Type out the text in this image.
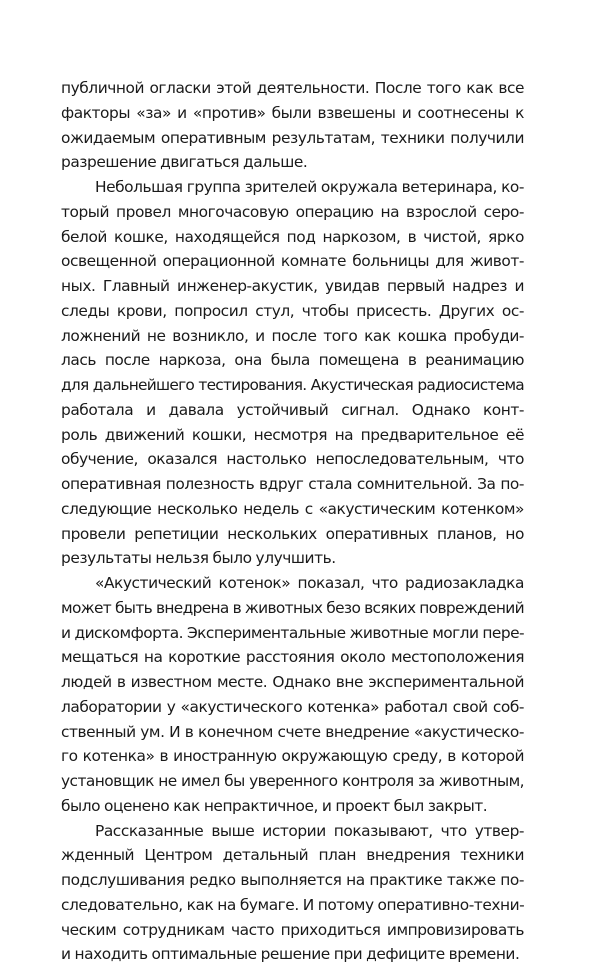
публичной огласки этой деятельности. После того как все
факторы «за» и «против» были взвешены и соотнесены к
ожидаемым оперативным результатам, техники получили
разрешение двигаться дальше.
Небольшая группа зрителей окружала ветеринара, ко-
торый провел многочасовую операцию на взрослой серо-
белой кошке, находящейся под наркозом, в чистой, ярко
освещенной операционной комнате больницы для живот-
ных. Главный инженер-акустик, увидав первый надрез и
следы крови, попросил стул, чтобы присесть. Других ос-
ложнений не возникло, и после того как кошка пробуди-
лась после наркоза, она была помещена в реанимацию
для дальнейшего тестирования. Акустическая радиосистема
работала и давала устойчивый сигнал. Однако конт-
роль движений кошки, несмотря на предварительное её
обучение, оказался настолько непоследовательным, что
оперативная полезность вдруг стала сомнительной. За по-
следующие несколько недель с «акустическим котенком»
провели репетиции нескольких оперативных планов, но
результаты нельзя было улучшить.
«Акустический котенок» показал, что радиозакладка
может быть внедрена в животных безо всяких повреждений
и дискомфорта. Экспериментальные животные могли пере-
мещаться на короткие расстояния около местоположения
людей в известном месте. Однако вне экспериментальной
лаборатории у «акустического котенка» работал свой соб-
ственный ум. И в конечном счете внедрение «акустическо-
го котенка» в иностранную окружающую среду, в которой
установщик не имел бы уверенного контроля за животным,
было оценено как непрактичное, и проект был закрыт.
Рассказанные выше истории показывают, что утвер-
жденный Центром детальный план внедрения техники
подслушивания редко выполняется на практике также по-
следовательно, как на бумаге. И потому оперативно-техни-
ческим сотрудникам часто приходиться импровизировать
и находить оптимальные решение при дефиците времени.
